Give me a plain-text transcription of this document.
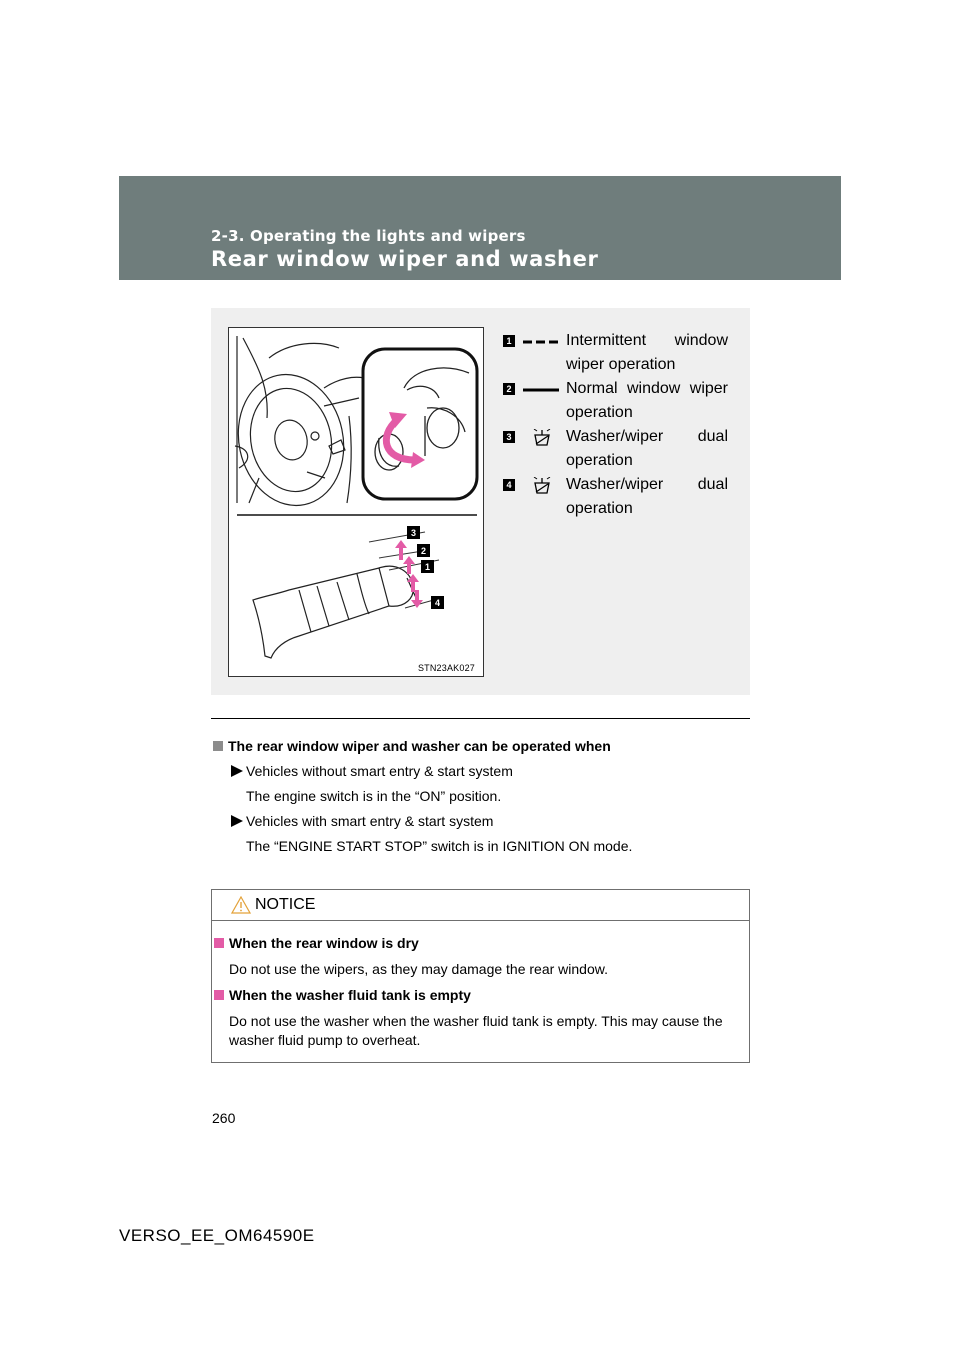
2-3. Operating the lights and wipers
Rear window wiper and washer
3
2
1
4
STN23AK027
1	Intermittent window wiper operation
2	Normal window wiper operation
3	Washer/wiper dual operation
4	Washer/wiper dual operation
The rear window wiper and washer can be operated when
Vehicles without smart entry & start system
The engine switch is in the “ON” position.
Vehicles with smart entry & start system
The “ENGINE START STOP” switch is in IGNITION ON mode.
NOTICE
When the rear window is dry
Do not use the wipers, as they may damage the rear window.
When the washer fluid tank is empty
Do not use the washer when the washer fluid tank is empty. This may cause the washer fluid pump to overheat.
260
VERSO_EE_OM64590E
